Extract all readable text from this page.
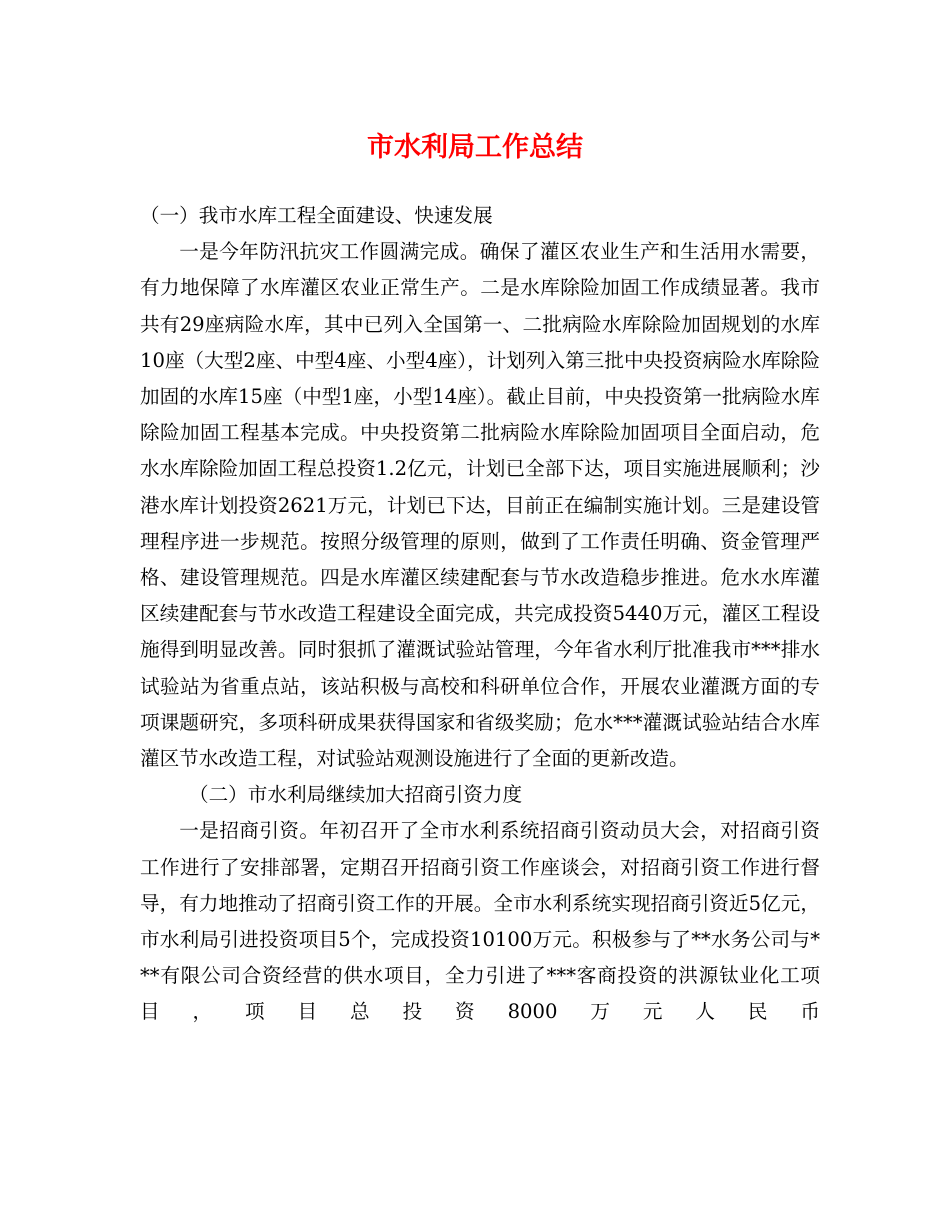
市水利局工作总结

（一）我市水库工程全面建设、快速发展

一是今年防汛抗灾工作圆满完成。确保了灌区农业生产和生活用水需要，有力地保障了水库灌区农业正常生产。二是水库除险加固工作成绩显著。我市共有29座病险水库，其中已列入全国第一、二批病险水库除险加固规划的水库10座（大型2座、中型4座、小型4座），计划列入第三批中央投资病险水库除险加固的水库15座（中型1座，小型14座）。截止目前，中央投资第一批病险水库除险加固工程基本完成。中央投资第二批病险水库除险加固项目全面启动，危水水库除险加固工程总投资1.2亿元，计划已全部下达，项目实施进展顺利；沙港水库计划投资2621万元，计划已下达，目前正在编制实施计划。三是建设管理程序进一步规范。按照分级管理的原则，做到了工作责任明确、资金管理严格、建设管理规范。四是水库灌区续建配套与节水改造稳步推进。危水水库灌区续建配套与节水改造工程建设全面完成，共完成投资5440万元，灌区工程设施得到明显改善。同时狠抓了灌溉试验站管理，今年省水利厅批准我市***排水试验站为省重点站，该站积极与高校和科研单位合作，开展农业灌溉方面的专项课题研究，多项科研成果获得国家和省级奖励；危水***灌溉试验站结合水库灌区节水改造工程，对试验站观测设施进行了全面的更新改造。

（二）市水利局继续加大招商引资力度

一是招商引资。年初召开了全市水利系统招商引资动员大会，对招商引资工作进行了安排部署，定期召开招商引资工作座谈会，对招商引资工作进行督导，有力地推动了招商引资工作的开展。全市水利系统实现招商引资近5亿元，市水利局引进投资项目5个，完成投资10100万元。积极参与了**水务公司与***有限公司合资经营的供水项目，全力引进了***客商投资的洪源钛业化工项目，项目总投资8000万元人民币
